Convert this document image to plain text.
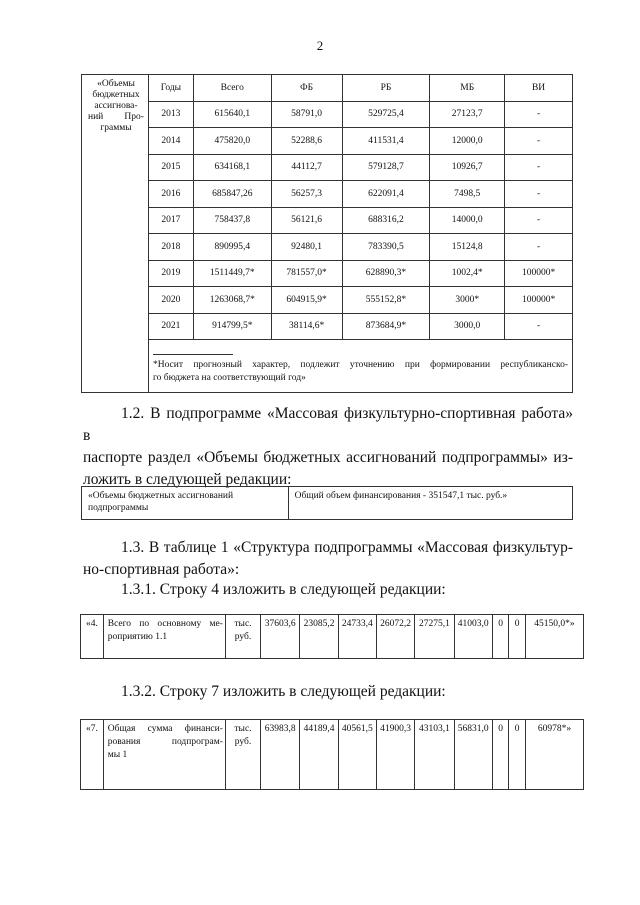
2
«Объемы
бюджетных
ассигнова-

ний Про-
граммы	Годы	Всего	ФБ	РБ	МБ	ВИ
	2013	615640,1	58791,0	529725,4	27123,7	-
	2014	475820,0	52288,6	411531,4	12000,0	-
	2015	634168,1	44112,7	579128,7	10926,7	-
	2016	685847,26	56257,3	622091,4	7498,5	-
	2017	758437,8	56121,6	688316,2	14000,0	-
	2018	890995,4	92480,1	783390,5	15124,8	-
	2019	1511449,7*	781557,0*	628890,3*	1002,4*	100000*
	2020	1263068,7*	604915,9*	555152,8*	3000*	100000*
	2021	914799,5*	38114,6*	873684,9*	3000,0	-

	*Носит прогнозный характер, подлежит уточнению при формировании республиканско-
го бюджета на соответствующий год»					
1.2. В подпрограмме «Массовая физкультурно-спортивная работа» в
паспорте раздел «Объемы бюджетных ассигнований подпрограммы» из-
ложить в следующей редакции:
«Объемы бюджетных ассигнований
подпрограммы	Общий объем финансирования - 351547,1 тыс. руб.»
1.3. В таблице 1 «Структура подпрограммы «Массовая физкультур-
но-спортивная работа»:
1.3.1. Строку 4 изложить в следующей редакции:
«4.	Всего по основному ме-
роприятию 1.1	тыс.
руб.	37603,6	23085,2	24733,4	26072,2	27275,1	41003,0	0	0	45150,0*»
1.3.2. Строку 7 изложить в следующей редакции:
«7.	Общая сумма финанси-
рования подпрограм-
мы 1	тыс.
руб.	63983,8	44189,4	40561,5	41900,3	43103,1	56831,0	0	0	60978*»
